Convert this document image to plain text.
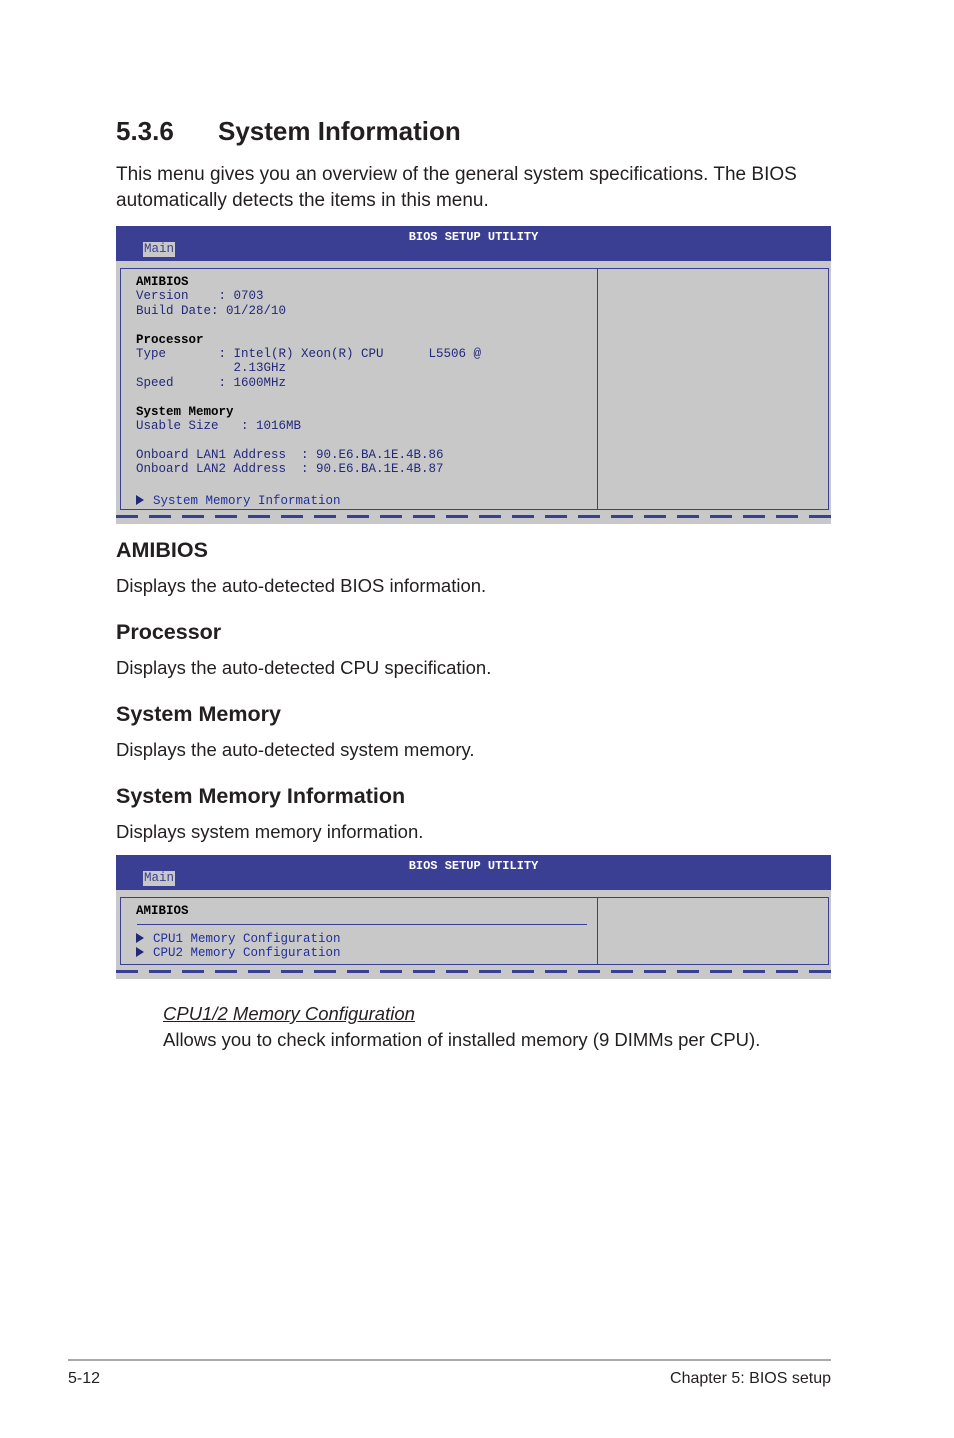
5.3.6 System Information
This menu gives you an overview of the general system specifications. The BIOS
automatically detects the items in this menu.
BIOS SETUP UTILITY
Main
AMIBIOS
Version    : 0703
Build Date: 01/28/10
Processor
Type       : Intel(R) Xeon(R) CPU      L5506 @
2.13GHz
Speed      : 1600MHz
System Memory
Usable Size   : 1016MB
Onboard LAN1 Address  : 90.E6.BA.1E.4B.86
Onboard LAN2 Address  : 90.E6.BA.1E.4B.87
System Memory Information
AMIBIOS
Displays the auto-detected BIOS information.
Processor
Displays the auto-detected CPU specification.
System Memory
Displays the auto-detected system memory.
System Memory Information
Displays system memory information.
BIOS SETUP UTILITY
Main
AMIBIOS
CPU1 Memory Configuration
CPU2 Memory Configuration
CPU1/2 Memory Configuration
Allows you to check information of installed memory (9 DIMMs per CPU).
5-12	Chapter 5: BIOS setup
